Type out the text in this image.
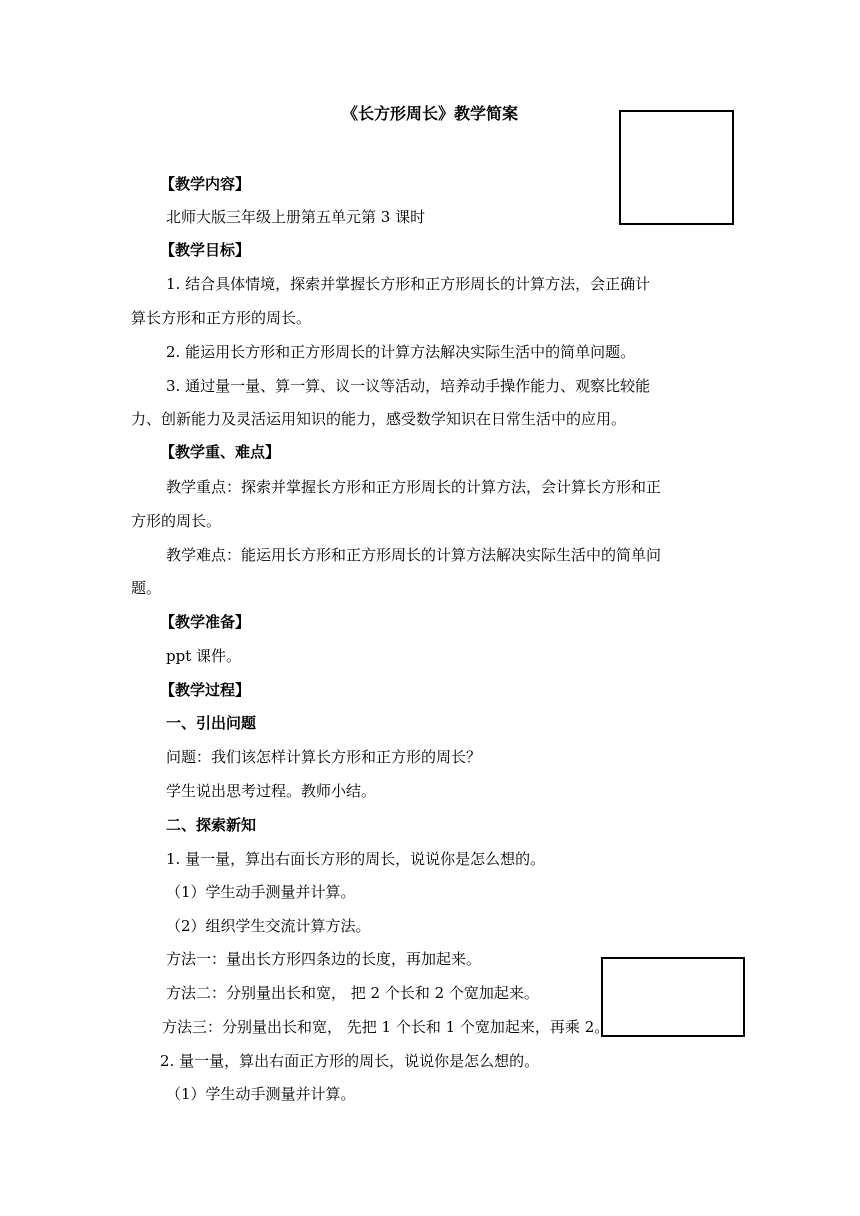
《长方形周长》教学简案
【教学内容】
北师大版三年级上册第五单元第 3 课时
【教学目标】
1. 结合具体情境，探索并掌握长方形和正方形周长的计算方法，会正确计
算长方形和正方形的周长。
2. 能运用长方形和正方形周长的计算方法解决实际生活中的简单问题。
3. 通过量一量、算一算、议一议等活动，培养动手操作能力、观察比较能
力、创新能力及灵活运用知识的能力，感受数学知识在日常生活中的应用。
【教学重、难点】
教学重点：探索并掌握长方形和正方形周长的计算方法，会计算长方形和正
方形的周长。
教学难点：能运用长方形和正方形周长的计算方法解决实际生活中的简单问
题。
【教学准备】
ppt 课件。
【教学过程】
一、引出问题
问题：我们该怎样计算长方形和正方形的周长？
学生说出思考过程。教师小结。
二、探索新知
1. 量一量，算出右面长方形的周长，说说你是怎么想的。
（1）学生动手测量并计算。
（2）组织学生交流计算方法。
方法一：量出长方形四条边的长度，再加起来。
方法二：分别量出长和宽， 把 2 个长和 2 个宽加起来。
方法三：分别量出长和宽， 先把 1 个长和 1 个宽加起来，再乘 2。
2. 量一量，算出右面正方形的周长，说说你是怎么想的。
（1）学生动手测量并计算。
